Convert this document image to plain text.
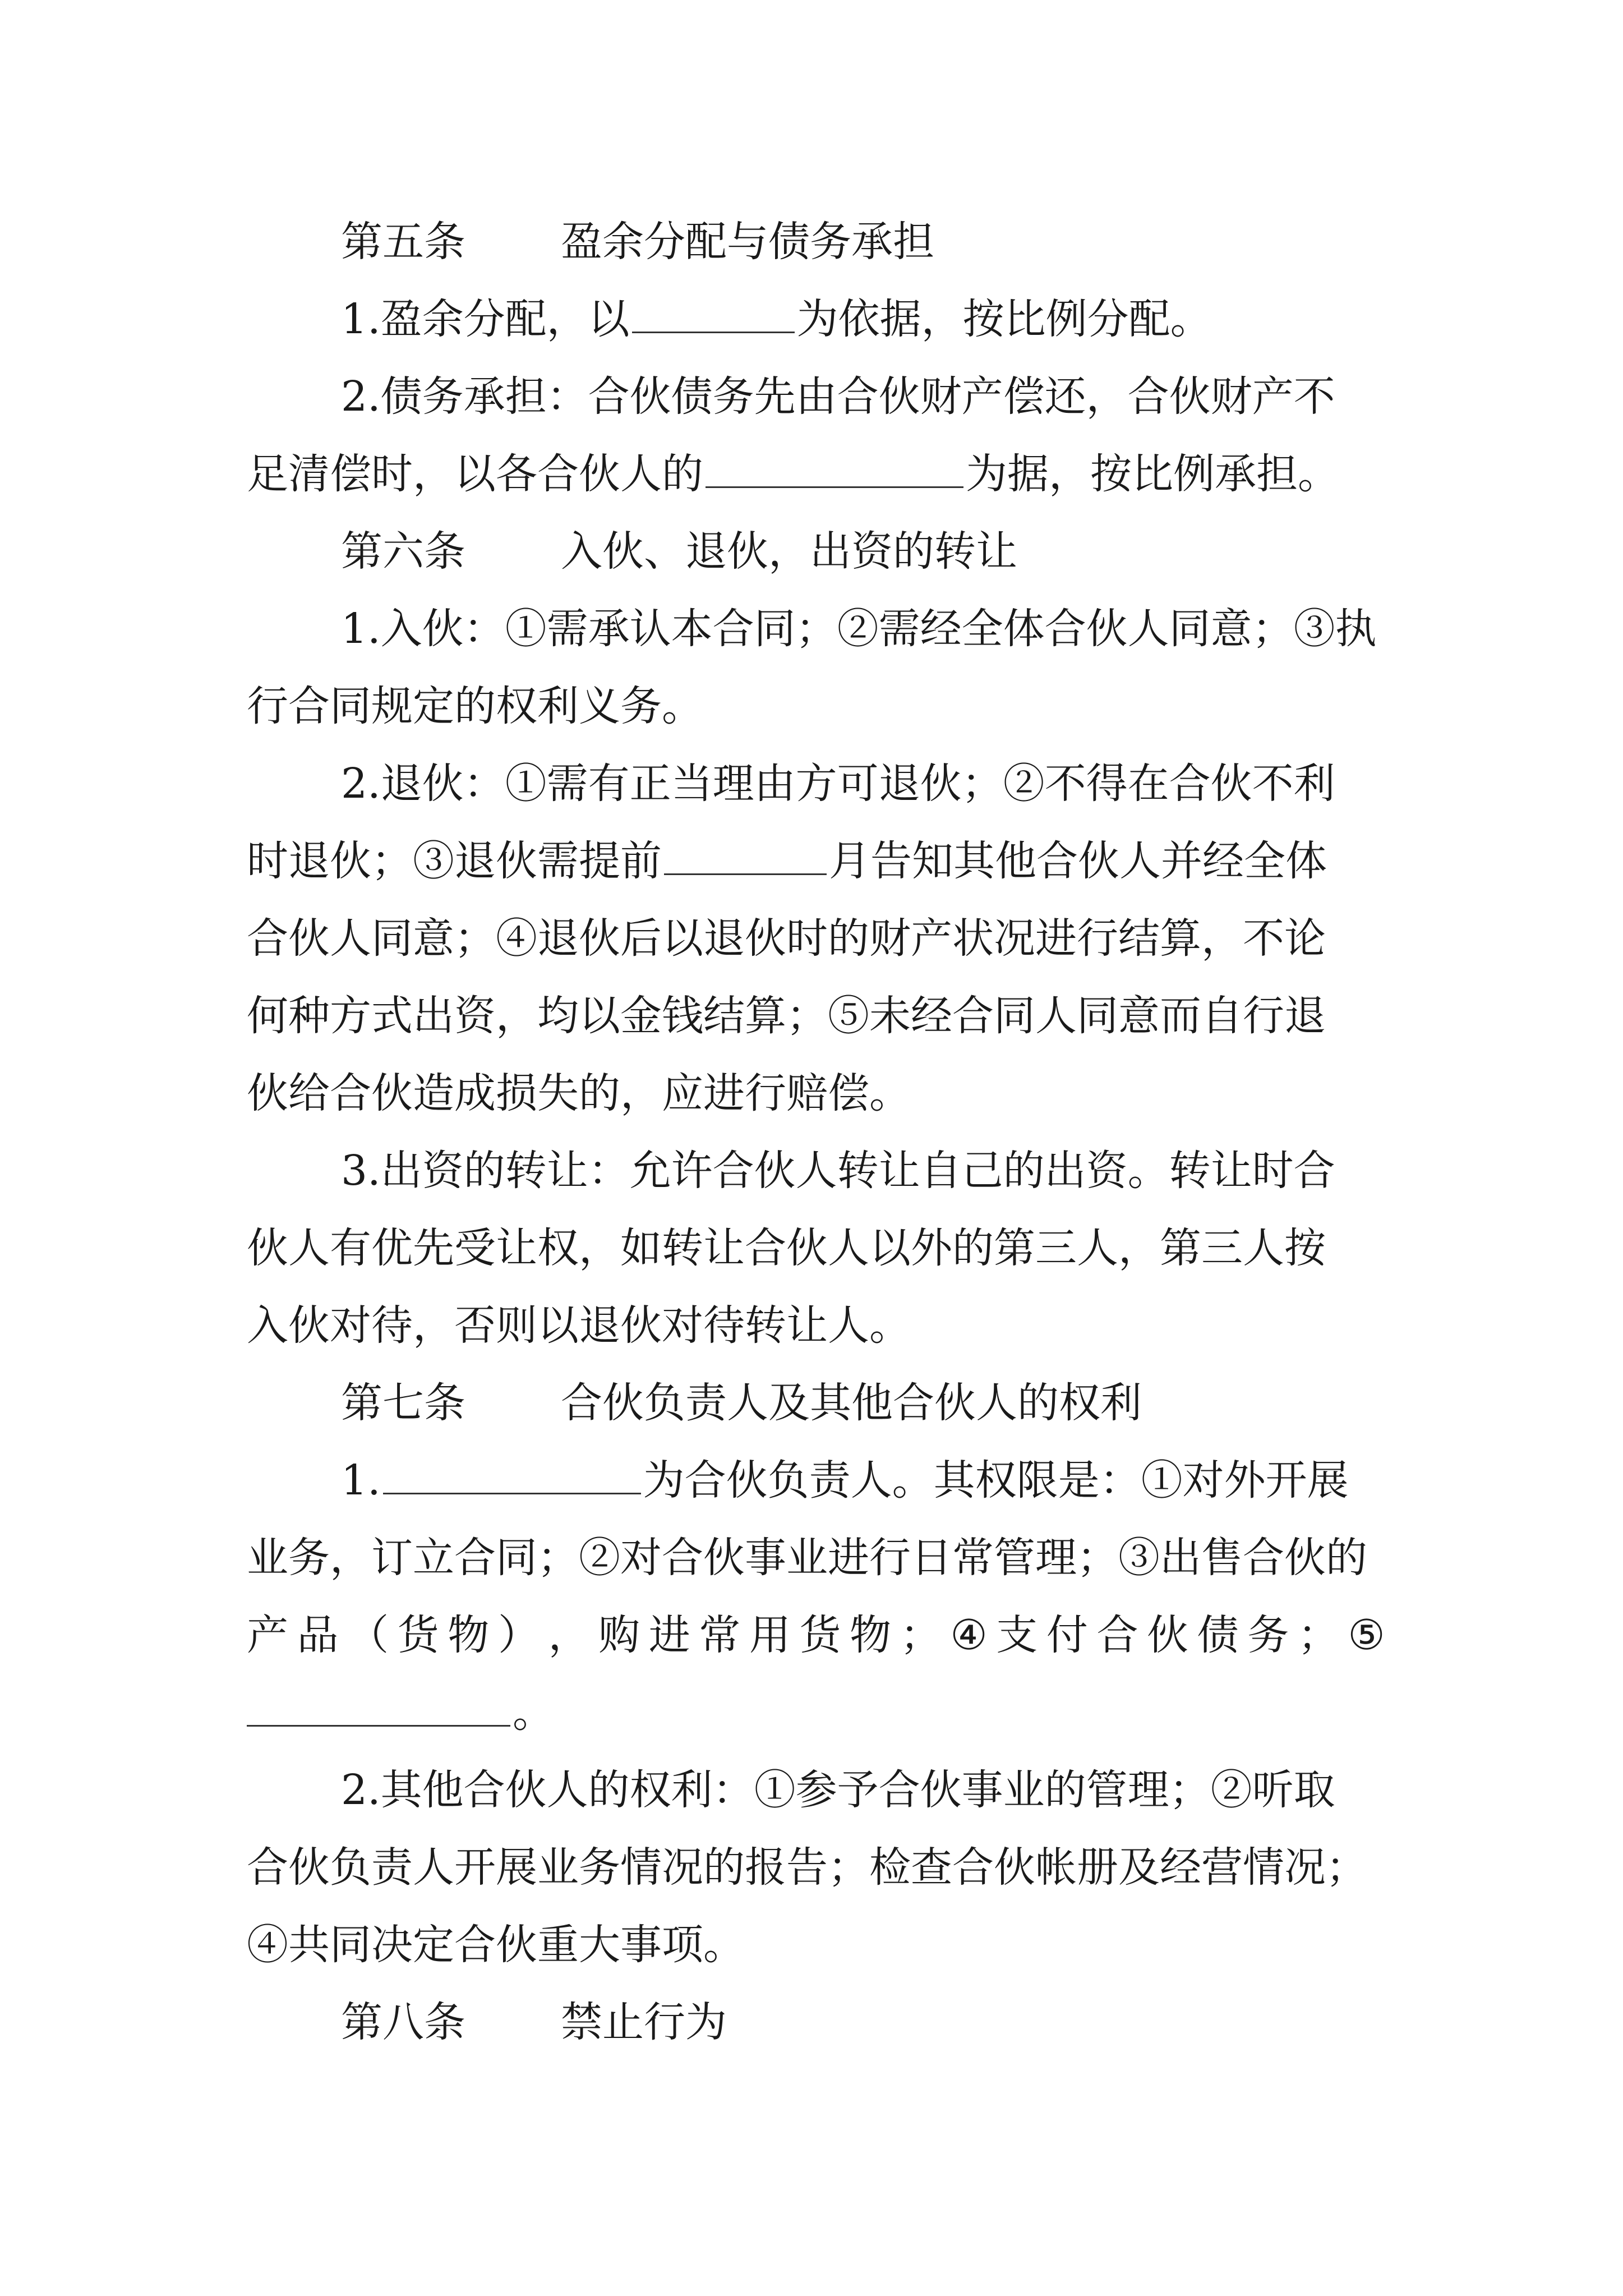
第五条 盈余分配与债务承担
1.盈余分配，以	为依据，按比例分配。
2.债务承担：合伙债务先由合伙财产偿还，合伙财产不
足清偿时，以各合伙人的	为据，按比例承担。
第六条 入伙、退伙，出资的转让
1.入伙：①需承认本合同；②需经全体合伙人同意；③执
行合同规定的权利义务。
2.退伙：①需有正当理由方可退伙；②不得在合伙不利
时退伙；③退伙需提前	月告知其他合伙人并经全体
合伙人同意；④退伙后以退伙时的财产状况进行结算，不论
何种方式出资，均以金钱结算；⑤未经合同人同意而自行退
伙给合伙造成损失的，应进行赔偿。
3.出资的转让：允许合伙人转让自己的出资。转让时合
伙人有优先受让权，如转让合伙人以外的第三人，第三人按
入伙对待，否则以退伙对待转让人。
第七条 合伙负责人及其他合伙人的权利
1.	为合伙负责人。其权限是：①对外开展
业务，订立合同；②对合伙事业进行日常管理；③出售合伙的
产 品 （ 货 物 ） ， 购 进 常 用 货 物 ； ④ 支 付 合 伙 债 务 ； ⑤
。
2.其他合伙人的权利：①参予合伙事业的管理；②听取
合伙负责人开展业务情况的报告；检查合伙帐册及经营情况；
④共同决定合伙重大事项。
第八条 禁止行为
